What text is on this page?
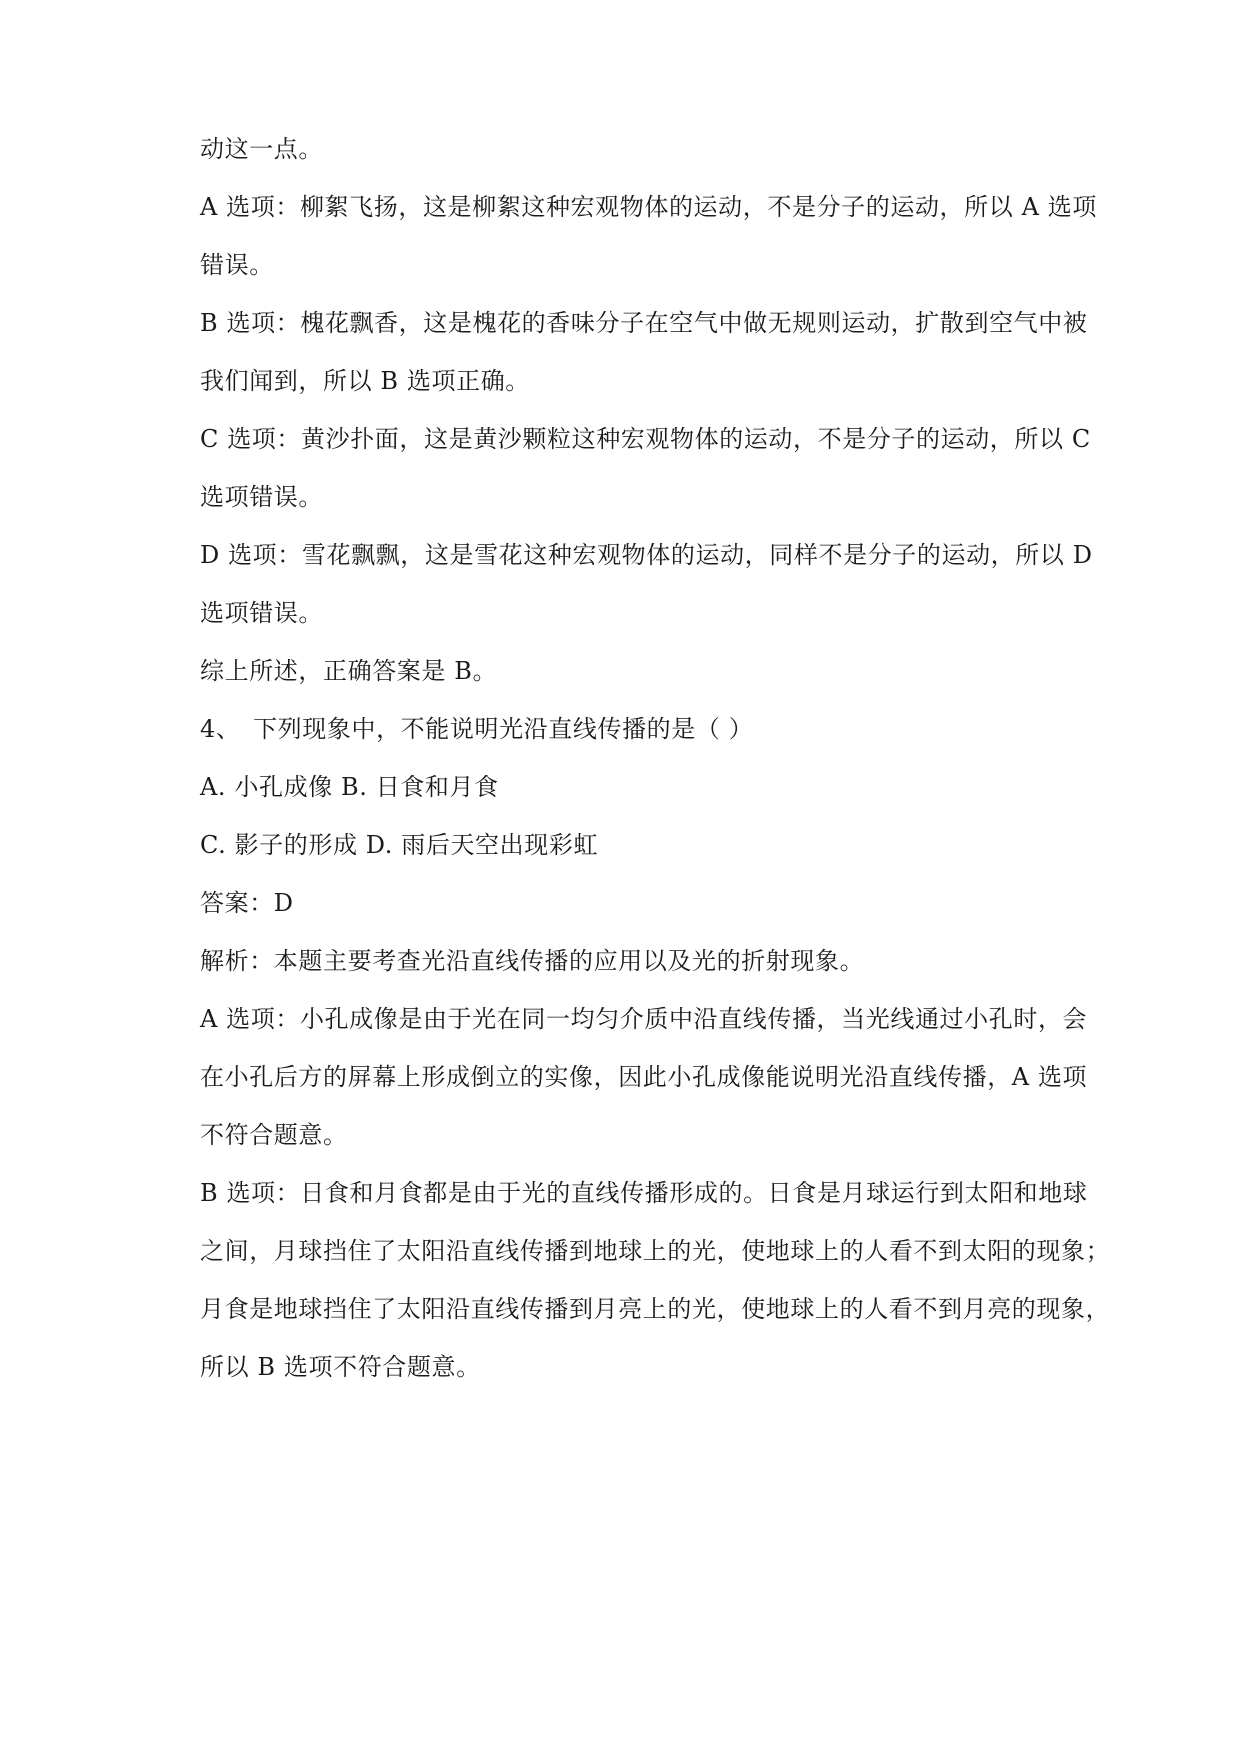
动这一点。
A 选项：柳絮飞扬，这是柳絮这种宏观物体的运动，不是分子的运动，所以 A 选项
错误。
B 选项：槐花飘香，这是槐花的香味分子在空气中做无规则运动，扩散到空气中被
我们闻到，所以 B 选项正确。
C 选项：黄沙扑面，这是黄沙颗粒这种宏观物体的运动，不是分子的运动，所以 C
选项错误。
D 选项：雪花飘飘，这是雪花这种宏观物体的运动，同样不是分子的运动，所以 D
选项错误。
综上所述，正确答案是 B。
4、　下列现象中，不能说明光沿直线传播的是（ ）
A. 小孔成像 B. 日食和月食
C. 影子的形成 D. 雨后天空出现彩虹
答案：D
解析：本题主要考查光沿直线传播的应用以及光的折射现象。
A 选项：小孔成像是由于光在同一均匀介质中沿直线传播，当光线通过小孔时，会
在小孔后方的屏幕上形成倒立的实像，因此小孔成像能说明光沿直线传播，A 选项
不符合题意。
B 选项：日食和月食都是由于光的直线传播形成的。日食是月球运行到太阳和地球
之间，月球挡住了太阳沿直线传播到地球上的光，使地球上的人看不到太阳的现象；
月食是地球挡住了太阳沿直线传播到月亮上的光，使地球上的人看不到月亮的现象，
所以 B 选项不符合题意。
